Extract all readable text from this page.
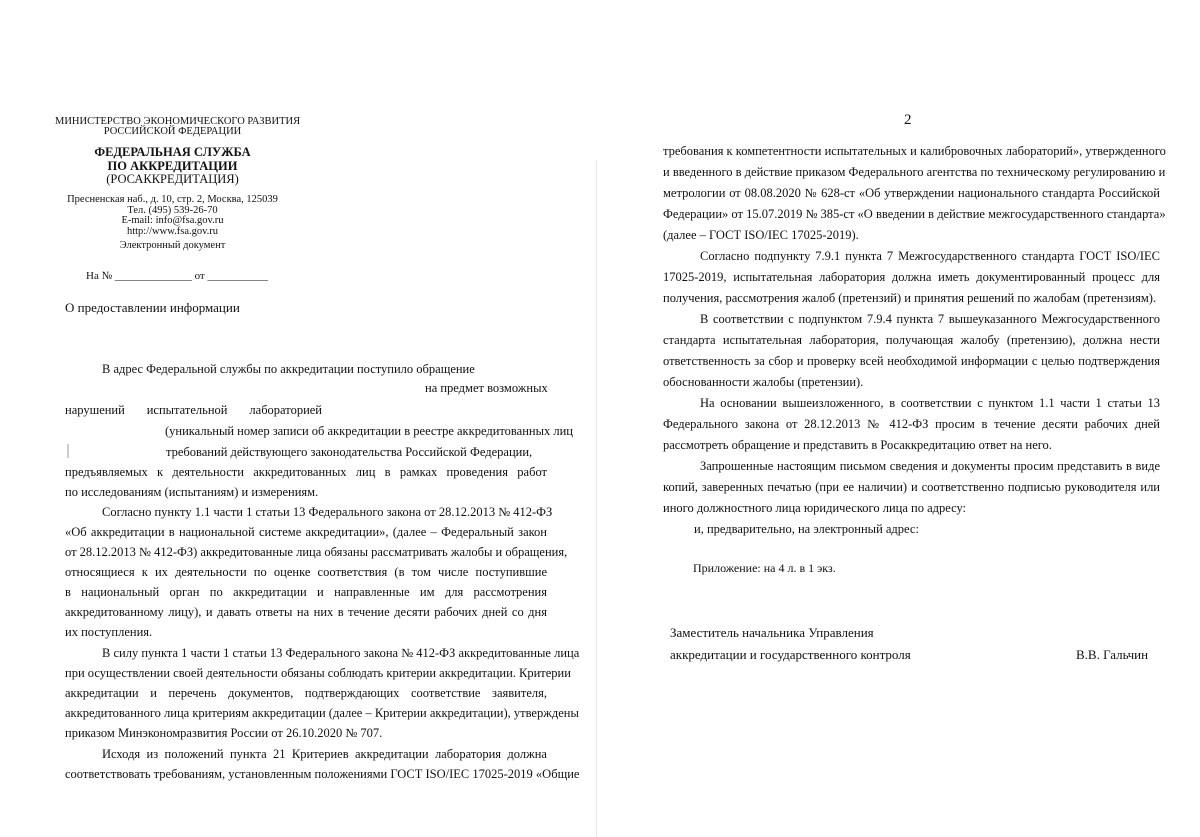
МИНИСТЕРСТВО ЭКОНОМИЧЕСКОГО РАЗВИТИЯ
РОССИЙСКОЙ ФЕДЕРАЦИИ
ФЕДЕРАЛЬНАЯ СЛУЖБА
ПО АККРЕДИТАЦИИ
(РОСАККРЕДИТАЦИЯ)
Пресненская наб., д. 10, стр. 2, Москва, 125039
Тел. (495) 539-26-70
E-mail: info@fsa.gov.ru
http://www.fsa.gov.ru
Электронный документ
На № ______________ от ___________
О предоставлении информации
В адрес Федеральной службы по аккредитации поступило обращение
на предмет возможных
нарушений испытательной лабораторией
(уникальный номер записи об аккредитации в реестре аккредитованных лиц
требований действующего законодательства Российской Федерации,
предъявляемых к деятельности аккредитованных лиц в рамках проведения работ
по исследованиям (испытаниям) и измерениям.
Согласно пункту 1.1 части 1 статьи 13 Федерального закона от 28.12.2013 № 412-ФЗ
«Об аккредитации в национальной системе аккредитации», (далее – Федеральный закон
от 28.12.2013 № 412-ФЗ) аккредитованные лица обязаны рассматривать жалобы и обращения,
относящиеся к их деятельности по оценке соответствия (в том числе поступившие
в национальный орган по аккредитации и направленные им для рассмотрения
аккредитованному лицу), и давать ответы на них в течение десяти рабочих дней со дня
их поступления.
В силу пункта 1 части 1 статьи 13 Федерального закона № 412-ФЗ аккредитованные лица
при осуществлении своей деятельности обязаны соблюдать критерии аккредитации. Критерии
аккредитации и перечень документов, подтверждающих соответствие заявителя,
аккредитованного лица критериям аккредитации (далее – Критерии аккредитации), утверждены
приказом Минэкономразвития России от 26.10.2020 № 707.
Исходя из положений пункта 21 Критериев аккредитации лаборатория должна
соответствовать требованиям, установленным положениями ГОСТ ISO/IEC 17025-2019 «Общие
2
требования к компетентности испытательных и калибровочных лабораторий», утвержденного
и введенного в действие приказом Федерального агентства по техническому регулированию и
метрологии от 08.08.2020 № 628-ст «Об утверждении национального стандарта Российской
Федерации» от 15.07.2019 № 385-ст «О введении в действие межгосударственного стандарта»
(далее – ГОСТ ISO/IEC 17025-2019).
Согласно подпункту 7.9.1 пункта 7 Межгосударственного стандарта ГОСТ ISO/IEC
17025-2019, испытательная лаборатория должна иметь документированный процесс для
получения, рассмотрения жалоб (претензий) и принятия решений по жалобам (претензиям).
В соответствии с подпунктом 7.9.4 пункта 7 вышеуказанного Межгосударственного
стандарта испытательная лаборатория, получающая жалобу (претензию), должна нести
ответственность за сбор и проверку всей необходимой информации с целью подтверждения
обоснованности жалобы (претензии).
На основании вышеизложенного, в соответствии с пунктом 1.1 части 1 статьи 13
Федерального закона от 28.12.2013 № 412-ФЗ просим в течение десяти рабочих дней
рассмотреть обращение и представить в Росаккредитацию ответ на него.
Запрошенные настоящим письмом сведения и документы просим представить в виде
копий, заверенных печатью (при ее наличии) и соответственно подписью руководителя или
иного должностного лица юридического лица по адресу:
и, предварительно, на электронный адрес:
Приложение: на 4 л. в 1 экз.
Заместитель начальника Управления
аккредитации и государственного контроля	В.В. Гальчин
